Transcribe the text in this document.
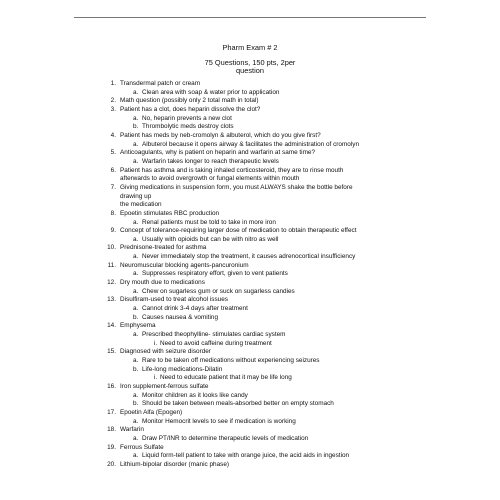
Pharm Exam # 2
75 Questions, 150 pts, 2per
question
1. Transdermal patch or cream
a. Clean area with soap & water prior to application
2. Math question (possibly only 2 total math in total)
3. Patient has a clot, does heparin dissolve the clot?
a. No, heparin prevents a new clot
b. Thrombolytic meds destroy clots
4. Patient has meds by neb-cromolyn & albuterol, which do you give first?
a. Albuterol because it opens airway & facilitates the administration of cromolyn
5. Anticoagulants, why is patient on heparin and warfarin at same time?
a. Warfarin takes longer to reach therapeutic levels
6. Patient has asthma and is taking inhaled corticosteroid, they are to rinse mouth
afterwards to avoid overgrowth or fungal elements within mouth
7. Giving medications in suspension form, you must ALWAYS shake the bottle before
drawing up
the medication
8. Epoetin stimulates RBC production
a. Renal patients must be told to take in more iron
9. Concept of tolerance-requiring larger dose of medication to obtain therapeutic effect
a. Usually with opioids but can be with nitro as well
10. Prednisone-treated for asthma
a. Never immediately stop the treatment, it causes adrenocortical insufficiency
11. Neuromuscular blocking agents-pancuronium
a. Suppresses respiratory effort, given to vent patients
12. Dry mouth due to medications
a. Chew on sugarless gum or suck on sugarless candies
13. Disulfiram-used to treat alcohol issues
a. Cannot drink 3-4 days after treatment
b. Causes nausea & vomiting
14. Emphysema
a. Prescribed theophylline- stimulates cardiac system
i. Need to avoid caffeine during treatment
15. Diagnosed with seizure disorder
a. Rare to be taken off medications without experiencing seizures
b. Life-long medications-Dilatin
i. Need to educate patient that it may be life long
16. Iron supplement-ferrous sulfate
a. Monitor children as it looks like candy
b. Should be taken between meals-absorbed better on empty stomach
17. Epoetin Alfa (Epogen)
a. Monitor Hemocrit levels to see if medication is working
18. Warfarin
a. Draw PT/INR to determine therapeutic levels of medication
19. Ferrous Sulfate
a. Liquid form-tell patient to take with orange juice, the acid aids in ingestion
20. Lithium-bipolar disorder (manic phase)
